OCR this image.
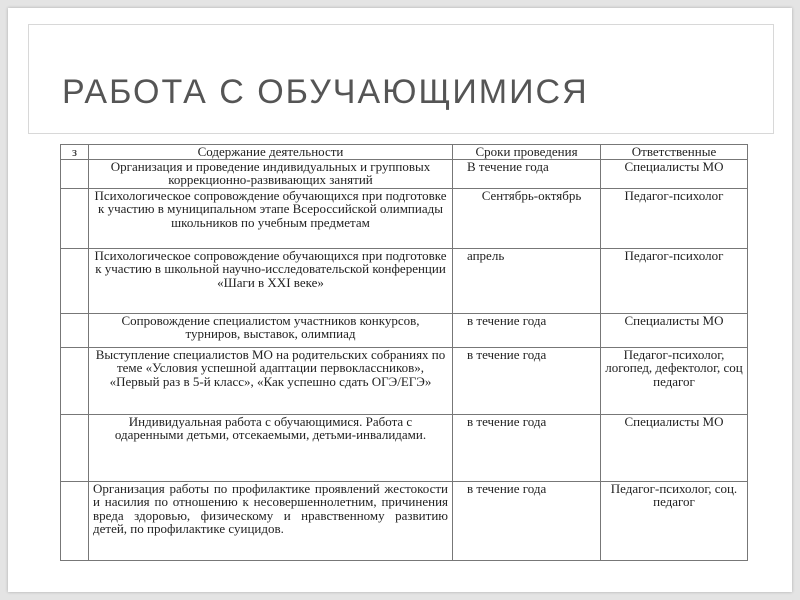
РАБОТА С ОБУЧАЮЩИМИСЯ
з	Содержание деятельности	Сроки проведения	Ответственные
	Организация и проведение индивидуальных и групповых коррекционно-развивающих занятий	В течение года	Специалисты МО
	Психологическое сопровождение обучающихся при подготовке к участию в муниципальном этапе Всероссийской олимпиады школьников по учебным предметам	Сентябрь-октябрь	Педагог-психолог
	Психологическое сопровождение обучающихся при подготовке к участию в школьной научно-исследовательской конференции «Шаги в XXI веке»	апрель	Педагог-психолог
	Сопровождение специалистом участников конкурсов, турниров, выставок, олимпиад	в течение года	Специалисты МО
	Выступление специалистов МО на родительских собраниях по теме «Условия успешной адаптации первоклассников», «Первый раз в 5-й класс», «Как успешно сдать ОГЭ/ЕГЭ»	в течение года	Педагог-психолог, логопед, дефектолог, соц педагог
	Индивидуальная работа с обучающимися. Работа с одаренными детьми, отсекаемыми, детьми-инвалидами.	в течение года	Специалисты МО
	Организация работы по профилактике проявлений жестокости и насилия по отношению к несовершеннолетним, причинения вреда здоровью, физическому и нравственному развитию детей, по профилактике суицидов.	в течение года	Педагог-психолог, соц. педагог
